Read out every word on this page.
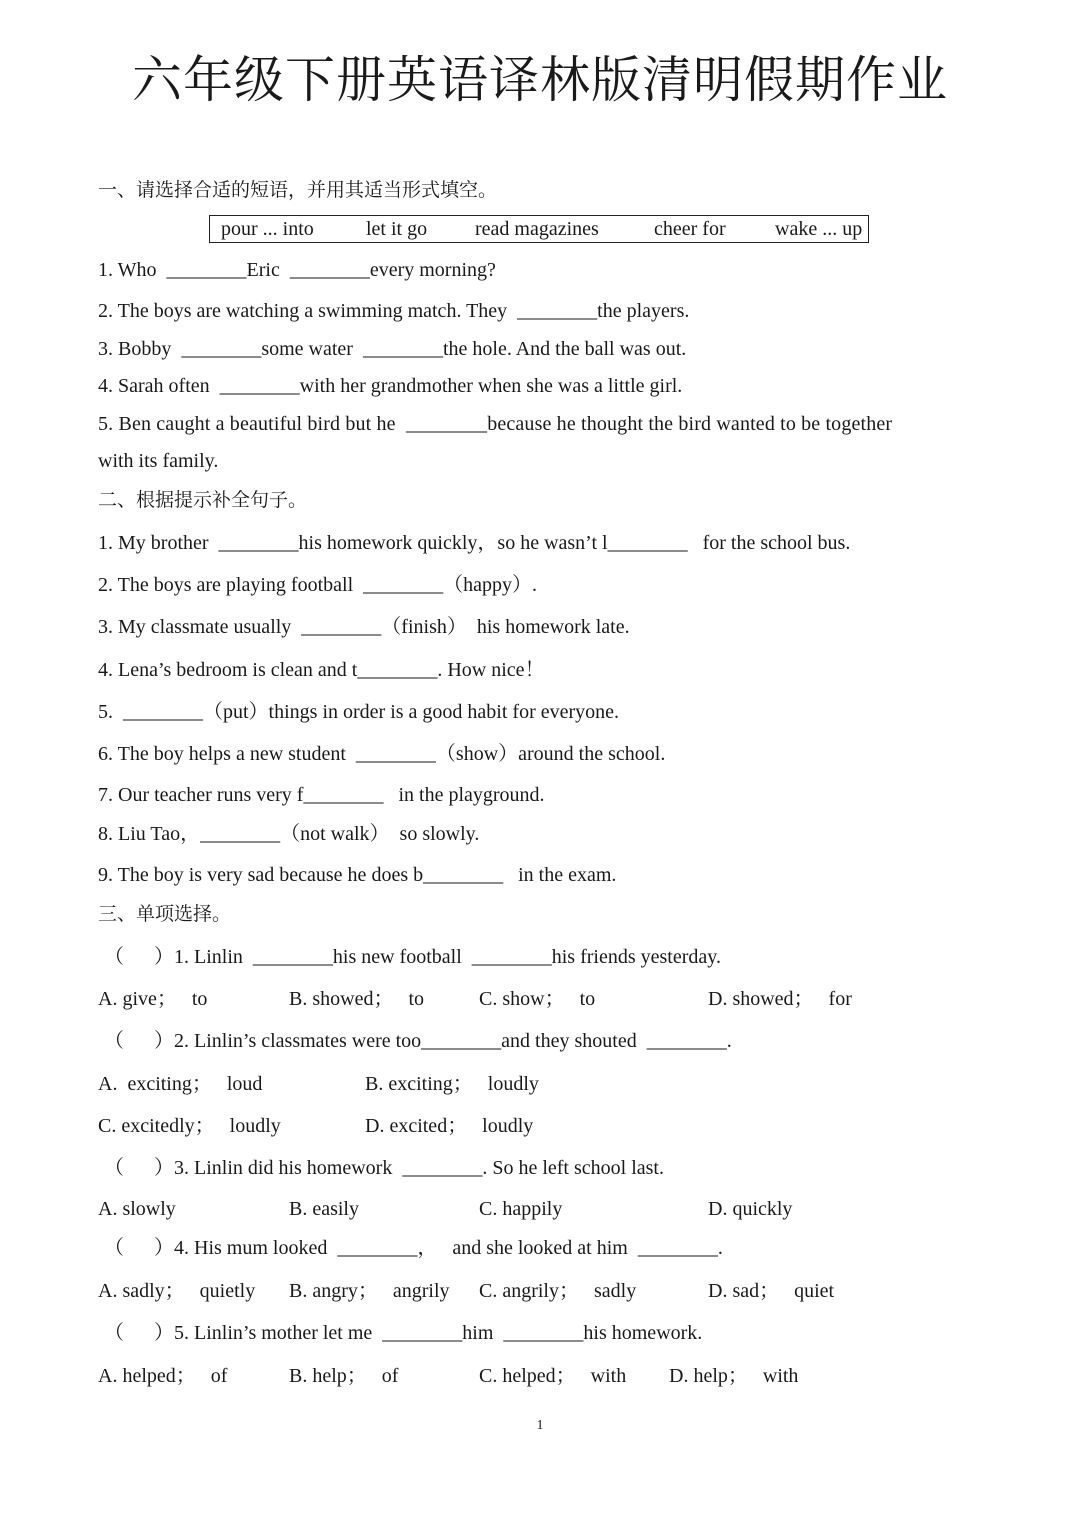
六年级下册英语译林版清明假期作业
一、请选择合适的短语，并用其适当形式填空。
pour ... into	let it go read magazines	cheer for wake ... up
1. Who  ________Eric  ________every morning?
2. The boys are watching a swimming match. They  ________the players.
3. Bobby  ________some water  ________the hole. And the ball was out.
4. Sarah often  ________with her grandmother when she was a little girl.
5. Ben caught a beautiful bird but he  ________because he thought the bird wanted to be together
with its family.
二、根据提示补全句子。
1. My brother  ________his homework quickly，so he wasn’t l________   for the school bus.
2. The boys are playing football  ________（happy）.
3. My classmate usually  ________（finish）  his homework late.
4. Lena’s bedroom is clean and t________. How nice！
5.  ________（put）things in order is a good habit for everyone.
6. The boy helps a new student  ________（show）around the school.
7. Our teacher runs very f________   in the playground.
8. Liu Tao，________（not walk）  so slowly.
9. The boy is very sad because he does b________   in the exam.
三、单项选择。
（      ）1. Linlin  ________his new football  ________his friends yesterday.
A. give；   to	B. showed；   to	C. show；   to	D. showed；   for
（      ）2. Linlin’s classmates were too________and they shouted  ________.
A.  exciting；   loud	B. exciting；   loudly
C. excitedly；   loudly	D. excited；   loudly
（      ）3. Linlin did his homework  ________. So he left school last.
A. slowly	B. easily	C. happily	D. quickly
（      ）4. His mum looked  ________，   and she looked at him  ________.
A. sadly；   quietly B. angry；   angrily C. angrily；   sadly	D. sad；   quiet
（      ）5. Linlin’s mother let me  ________him  ________his homework.
A. helped；   of	B. help；   of	C. helped；   with D. help；   with
1
